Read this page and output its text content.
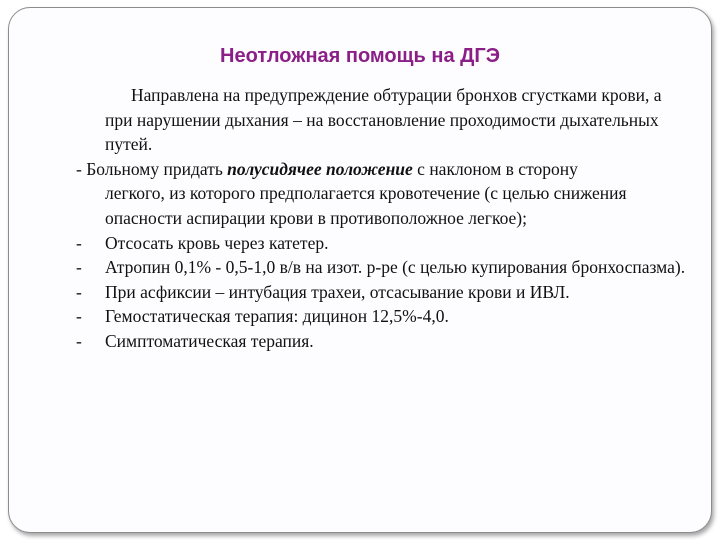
Неотложная помощь на ДГЭ

Направлена на предупреждение обтурации бронхов сгустками крови, а при нарушении дыхания – на восстановление проходимости дыхательных путей.

- Больному придать полусидячее положение с наклоном в сторону
легкого, из которого предполагается кровотечение (с целью снижения опасности аспирации крови в противоположное легкое);
- Отсосать кровь через катетер.
- Атропин 0,1% - 0,5-1,0 в/в на изот. р-ре (с целью купирования бронхоспазма).
- При асфиксии – интубация трахеи, отсасывание крови и ИВЛ.
- Гемостатическая терапия: дицинон 12,5%-4,0.
- Симптоматическая терапия.
